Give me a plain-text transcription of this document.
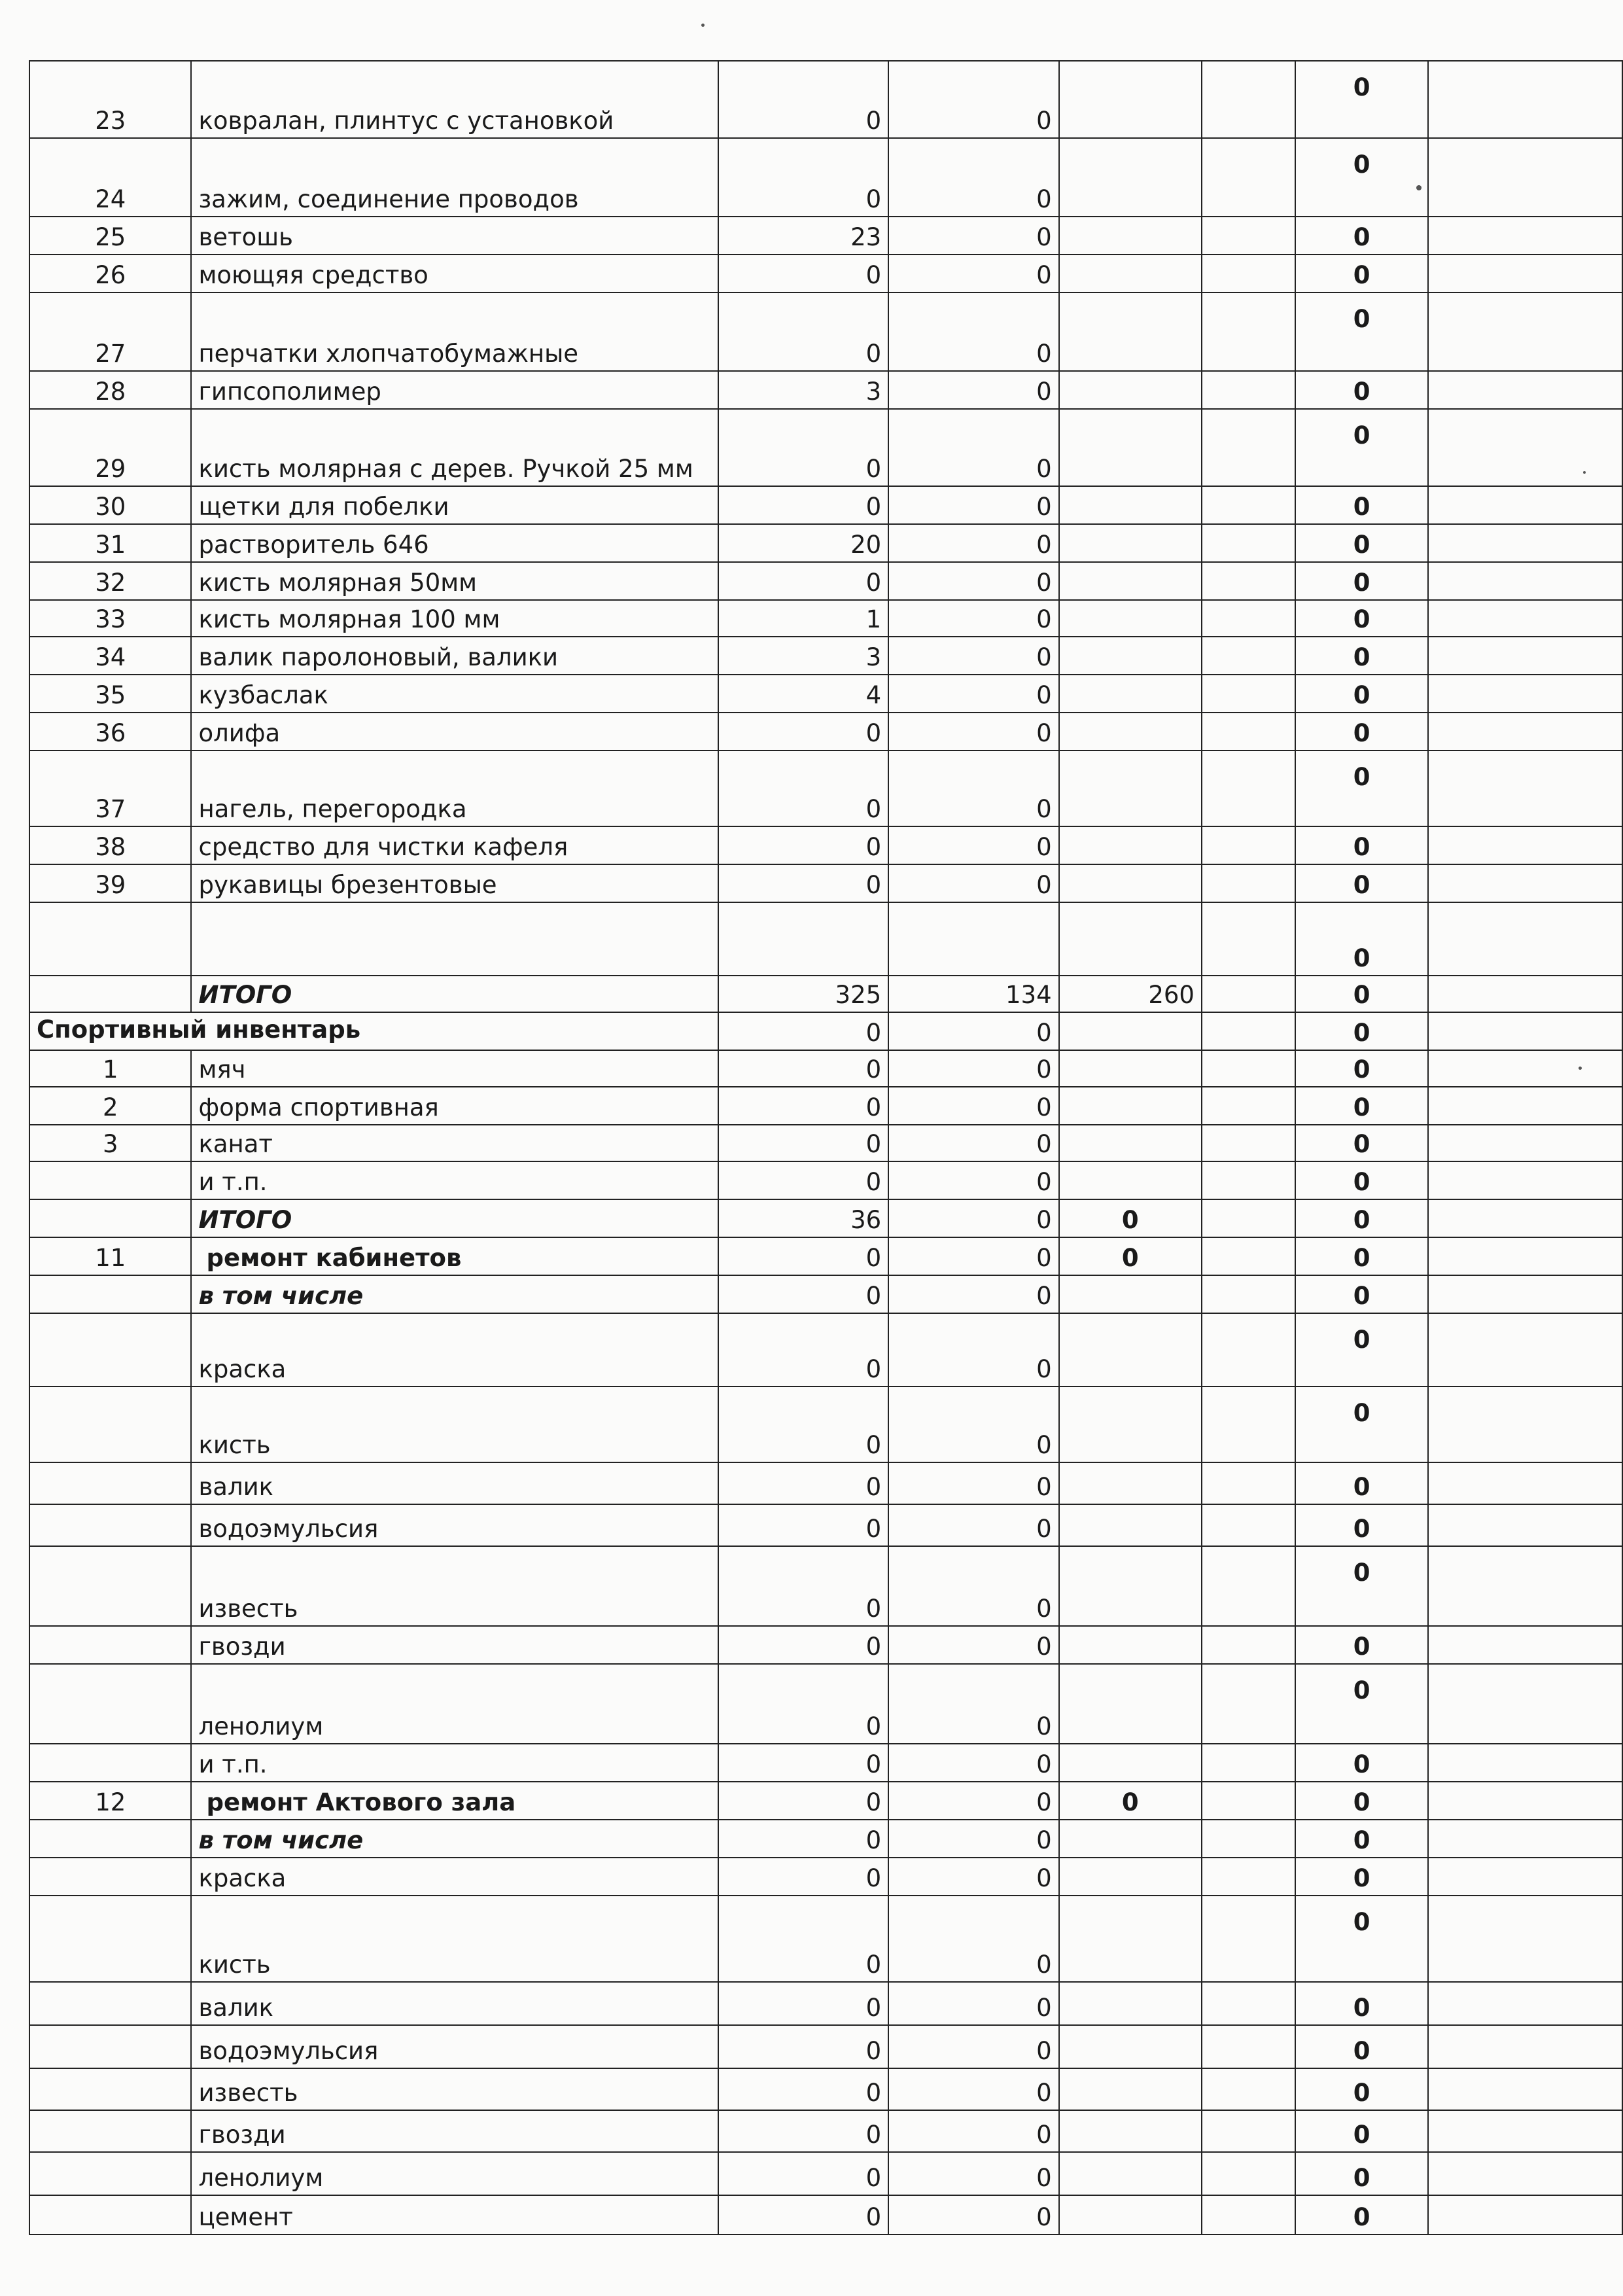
23	ковралан, плинтус с установкой	0	0			0	
24	зажим, соединение проводов	0	0			0	
25	ветошь	23	0			0	
26	моющяя средство	0	0			0	
27	перчатки хлопчатобумажные	0	0			0	
28	гипсополимер	3	0			0	
29	кисть молярная с дерев. Ручкой 25 мм	0	0			0	
30	щетки для побелки	0	0			0	
31	растворитель 646	20	0			0	
32	кисть молярная 50мм	0	0			0	
33	кисть молярная 100 мм	1	0			0	
34	валик паролоновый, валики	3	0			0	
35	кузбаслак	4	0			0	
36	олифа	0	0			0	
37	нагель, перегородка	0	0			0	
38	средство для чистки кафеля	0	0			0	
39	рукавицы брезентовые	0	0			0	
						0	
	ИТОГО	325	134	260		0	
Спортивный инвентарь		0	0			0	
1	мяч	0	0			0	
2	форма спортивная	0	0			0	
3	канат	0	0			0	
	и т.п.	0	0			0	
	ИТОГО	36	0	0		0	
11	ремонт кабинетов	0	0	0		0	
	в том числе	0	0			0	
	краска	0	0			0	
	кисть	0	0			0	
	валик	0	0			0	
	водоэмульсия	0	0			0	
	известь	0	0			0	
	гвозди	0	0			0	
	ленолиум	0	0			0	
	и т.п.	0	0			0	
12	ремонт Актового зала	0	0	0		0	
	в том числе	0	0			0	
	краска	0	0			0	
	кисть	0	0			0	
	валик	0	0			0	
	водоэмульсия	0	0			0	
	известь	0	0			0	
	гвозди	0	0			0	
	ленолиум	0	0			0	
	цемент	0	0			0	
